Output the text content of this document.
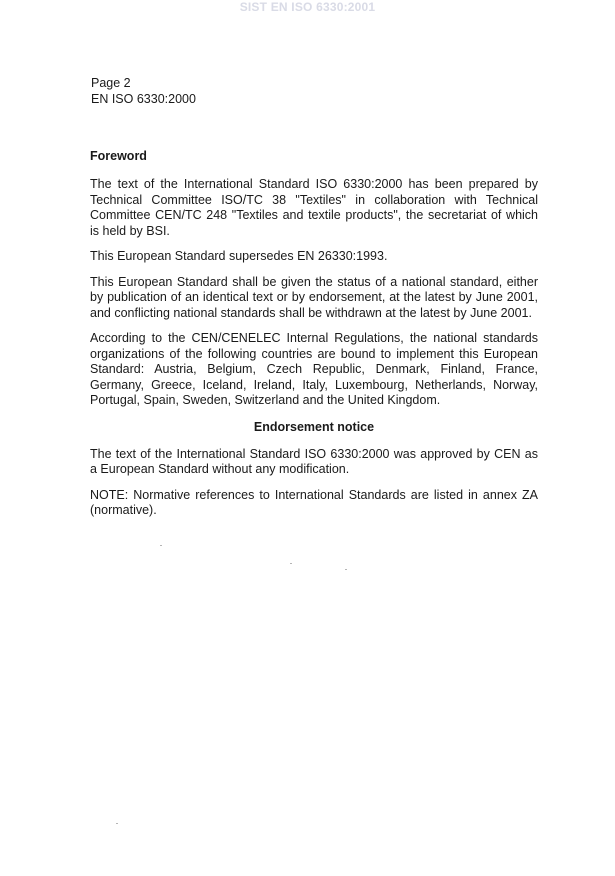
SIST EN ISO 6330:2001
Page 2
EN ISO 6330:2000
Foreword

The text of the International Standard ISO 6330:2000 has been prepared by Technical Committee ISO/TC 38 "Textiles" in collaboration with Technical Committee CEN/TC 248 "Textiles and textile products", the secretariat of which is held by BSI.

This European Standard supersedes EN 26330:1993.

This European Standard shall be given the status of a national standard, either by publication of an identical text or by endorsement, at the latest by June 2001, and conflicting national standards shall be withdrawn at the latest by June 2001.

According to the CEN/CENELEC Internal Regulations, the national standards organizations of the following countries are bound to implement this European Standard: Austria, Belgium, Czech Republic, Denmark, Finland, France, Germany, Greece, Iceland, Ireland, Italy, Luxembourg, Netherlands, Norway, Portugal, Spain, Sweden, Switzerland and the United Kingdom.

Endorsement notice

The text of the International Standard ISO 6330:2000 was approved by CEN as a European Standard without any modification.

NOTE: Normative references to International Standards are listed in annex ZA (normative).
